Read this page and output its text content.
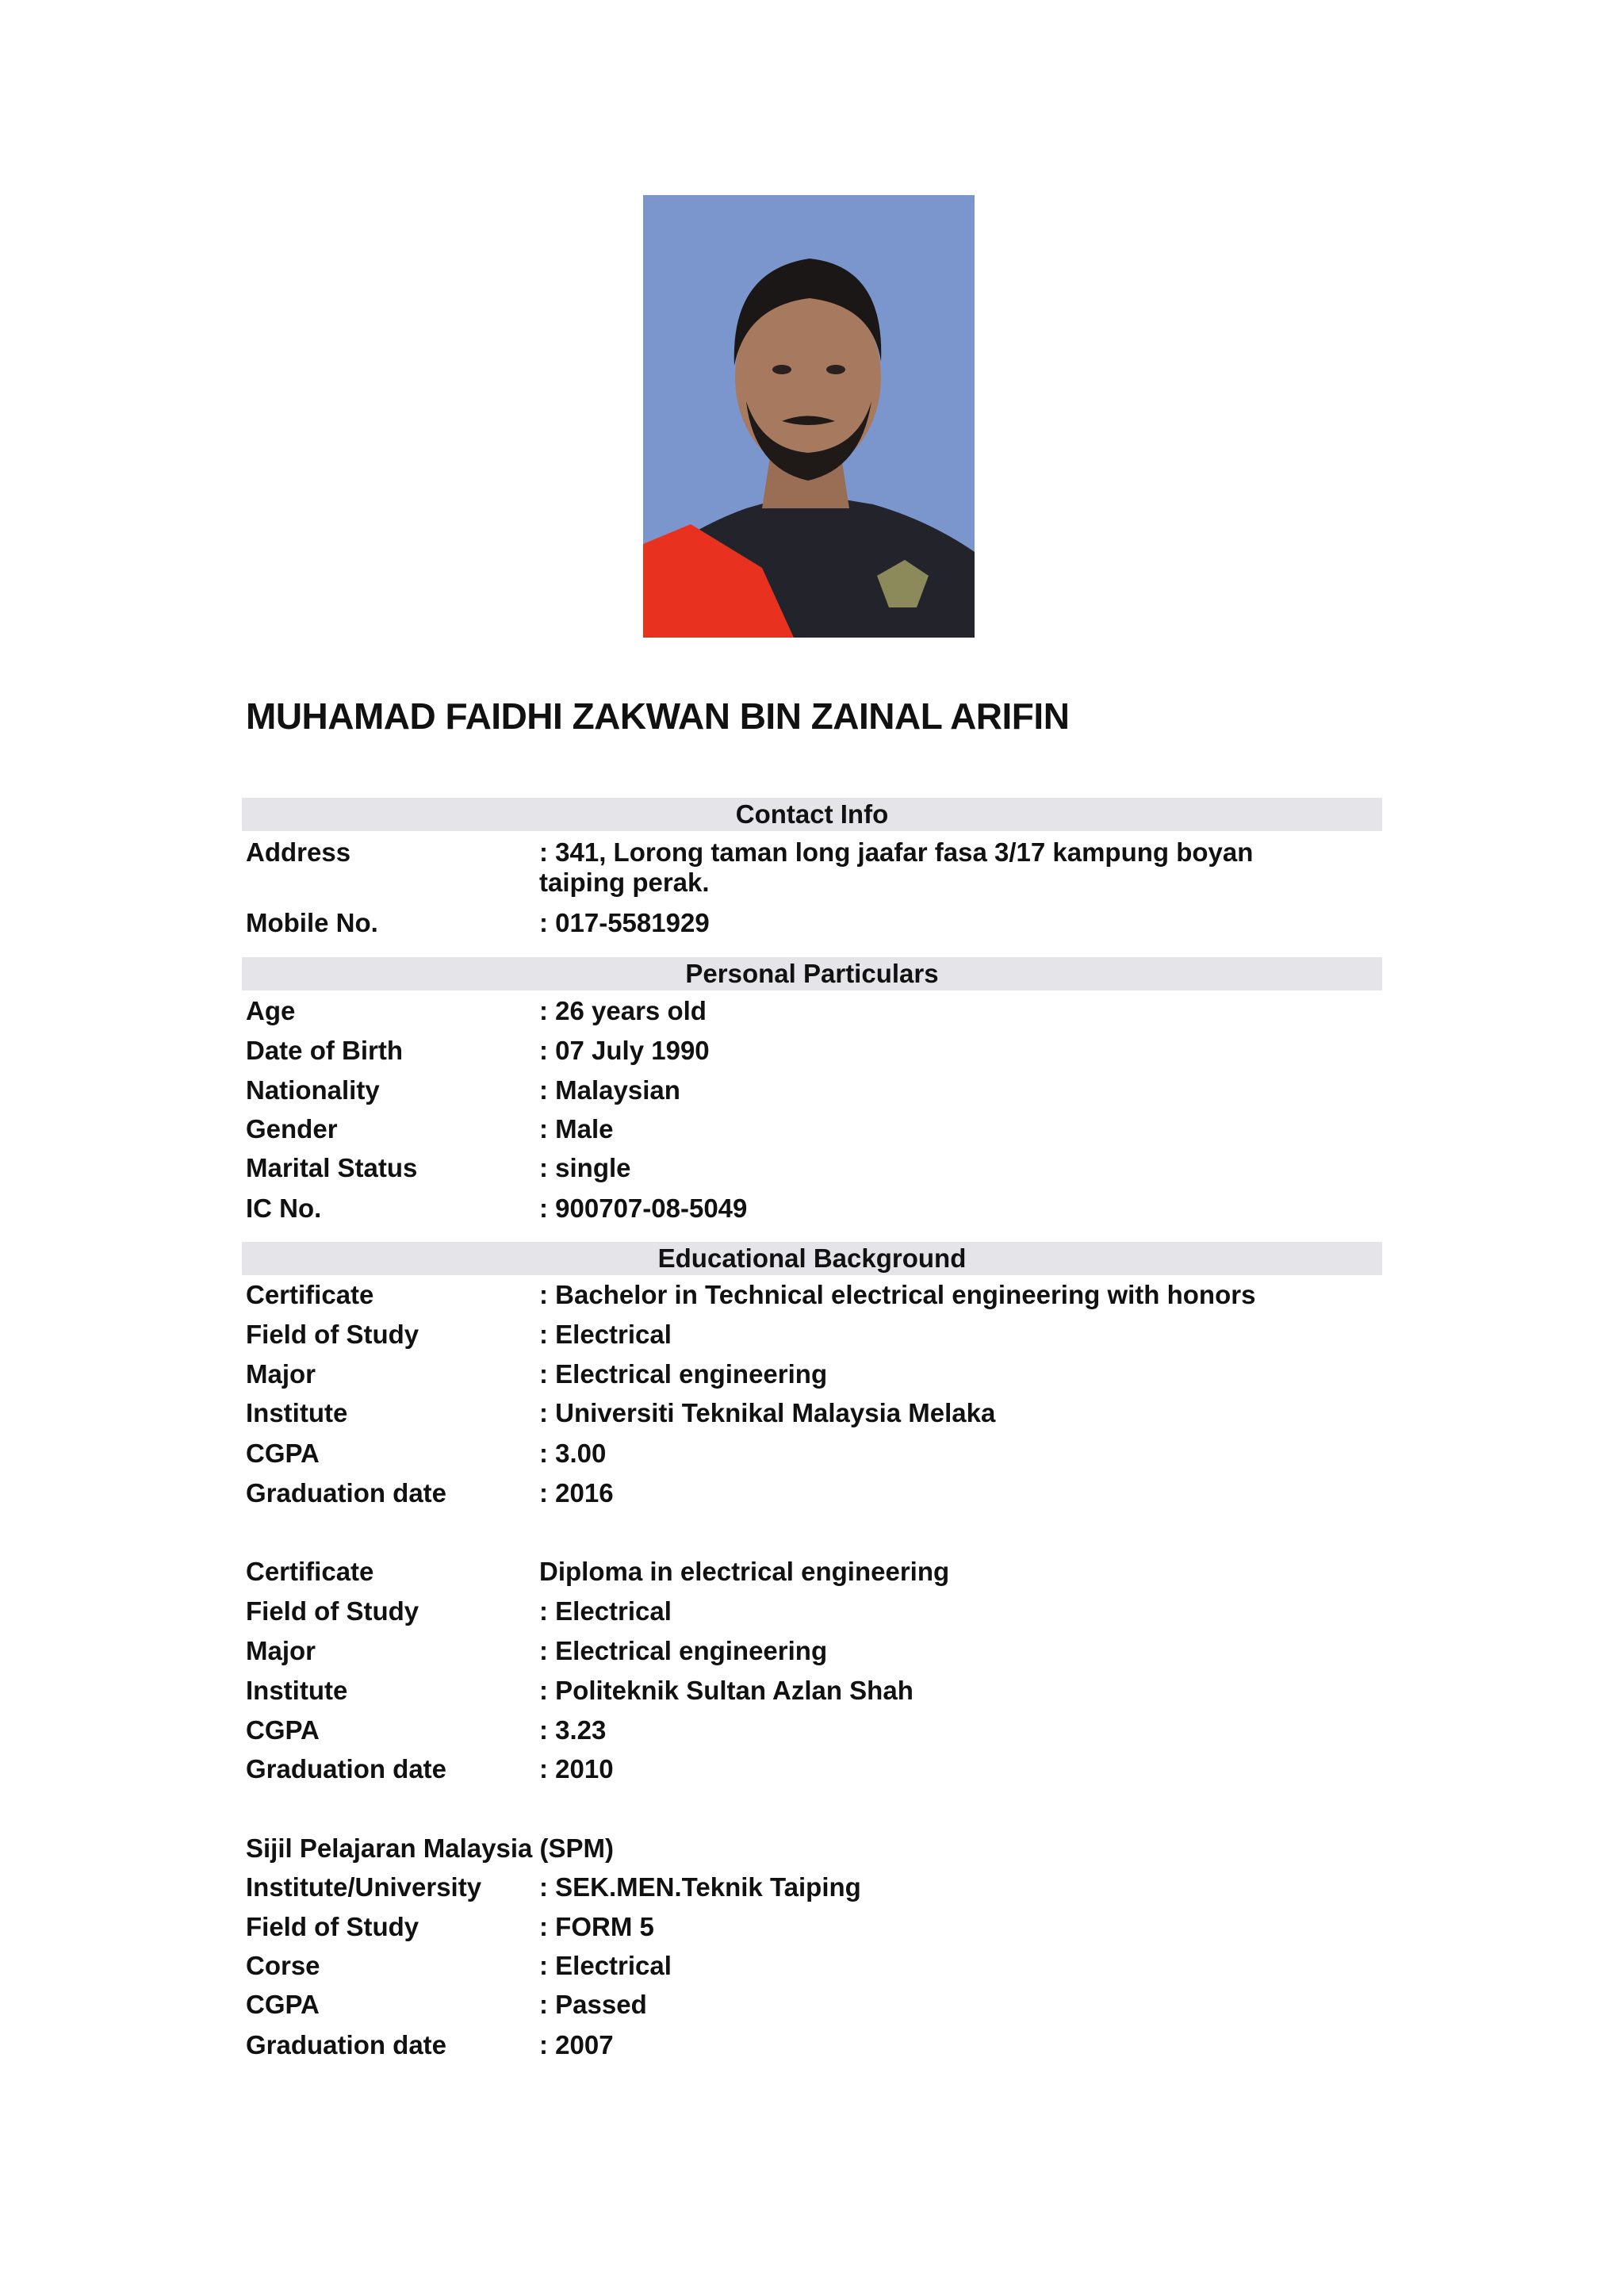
MUHAMAD FAIDHI ZAKWAN BIN ZAINAL ARIFIN
Contact Info
Address	: 341, Lorong taman long jaafar fasa 3/17 kampung boyan taiping perak.
Mobile No.	: 017-5581929
Personal Particulars
Age	: 26 years old
Date of Birth	: 07 July 1990
Nationality	: Malaysian
Gender	: Male
Marital Status	: single
IC No.	: 900707-08-5049
Educational Background
Certificate	: Bachelor in Technical electrical engineering with honors
Field of Study	: Electrical
Major	: Electrical engineering
Institute	: Universiti Teknikal Malaysia Melaka
CGPA	: 3.00
Graduation date	: 2016
Certificate	Diploma in electrical engineering
Field of Study	: Electrical
Major	: Electrical engineering
Institute	: Politeknik Sultan Azlan Shah
CGPA	: 3.23
Graduation date	: 2010
Sijil Pelajaran Malaysia (SPM)
Institute/University : SEK.MEN.Teknik Taiping
Field of Study	: FORM 5
Corse	: Electrical
CGPA	: Passed
Graduation date	: 2007
